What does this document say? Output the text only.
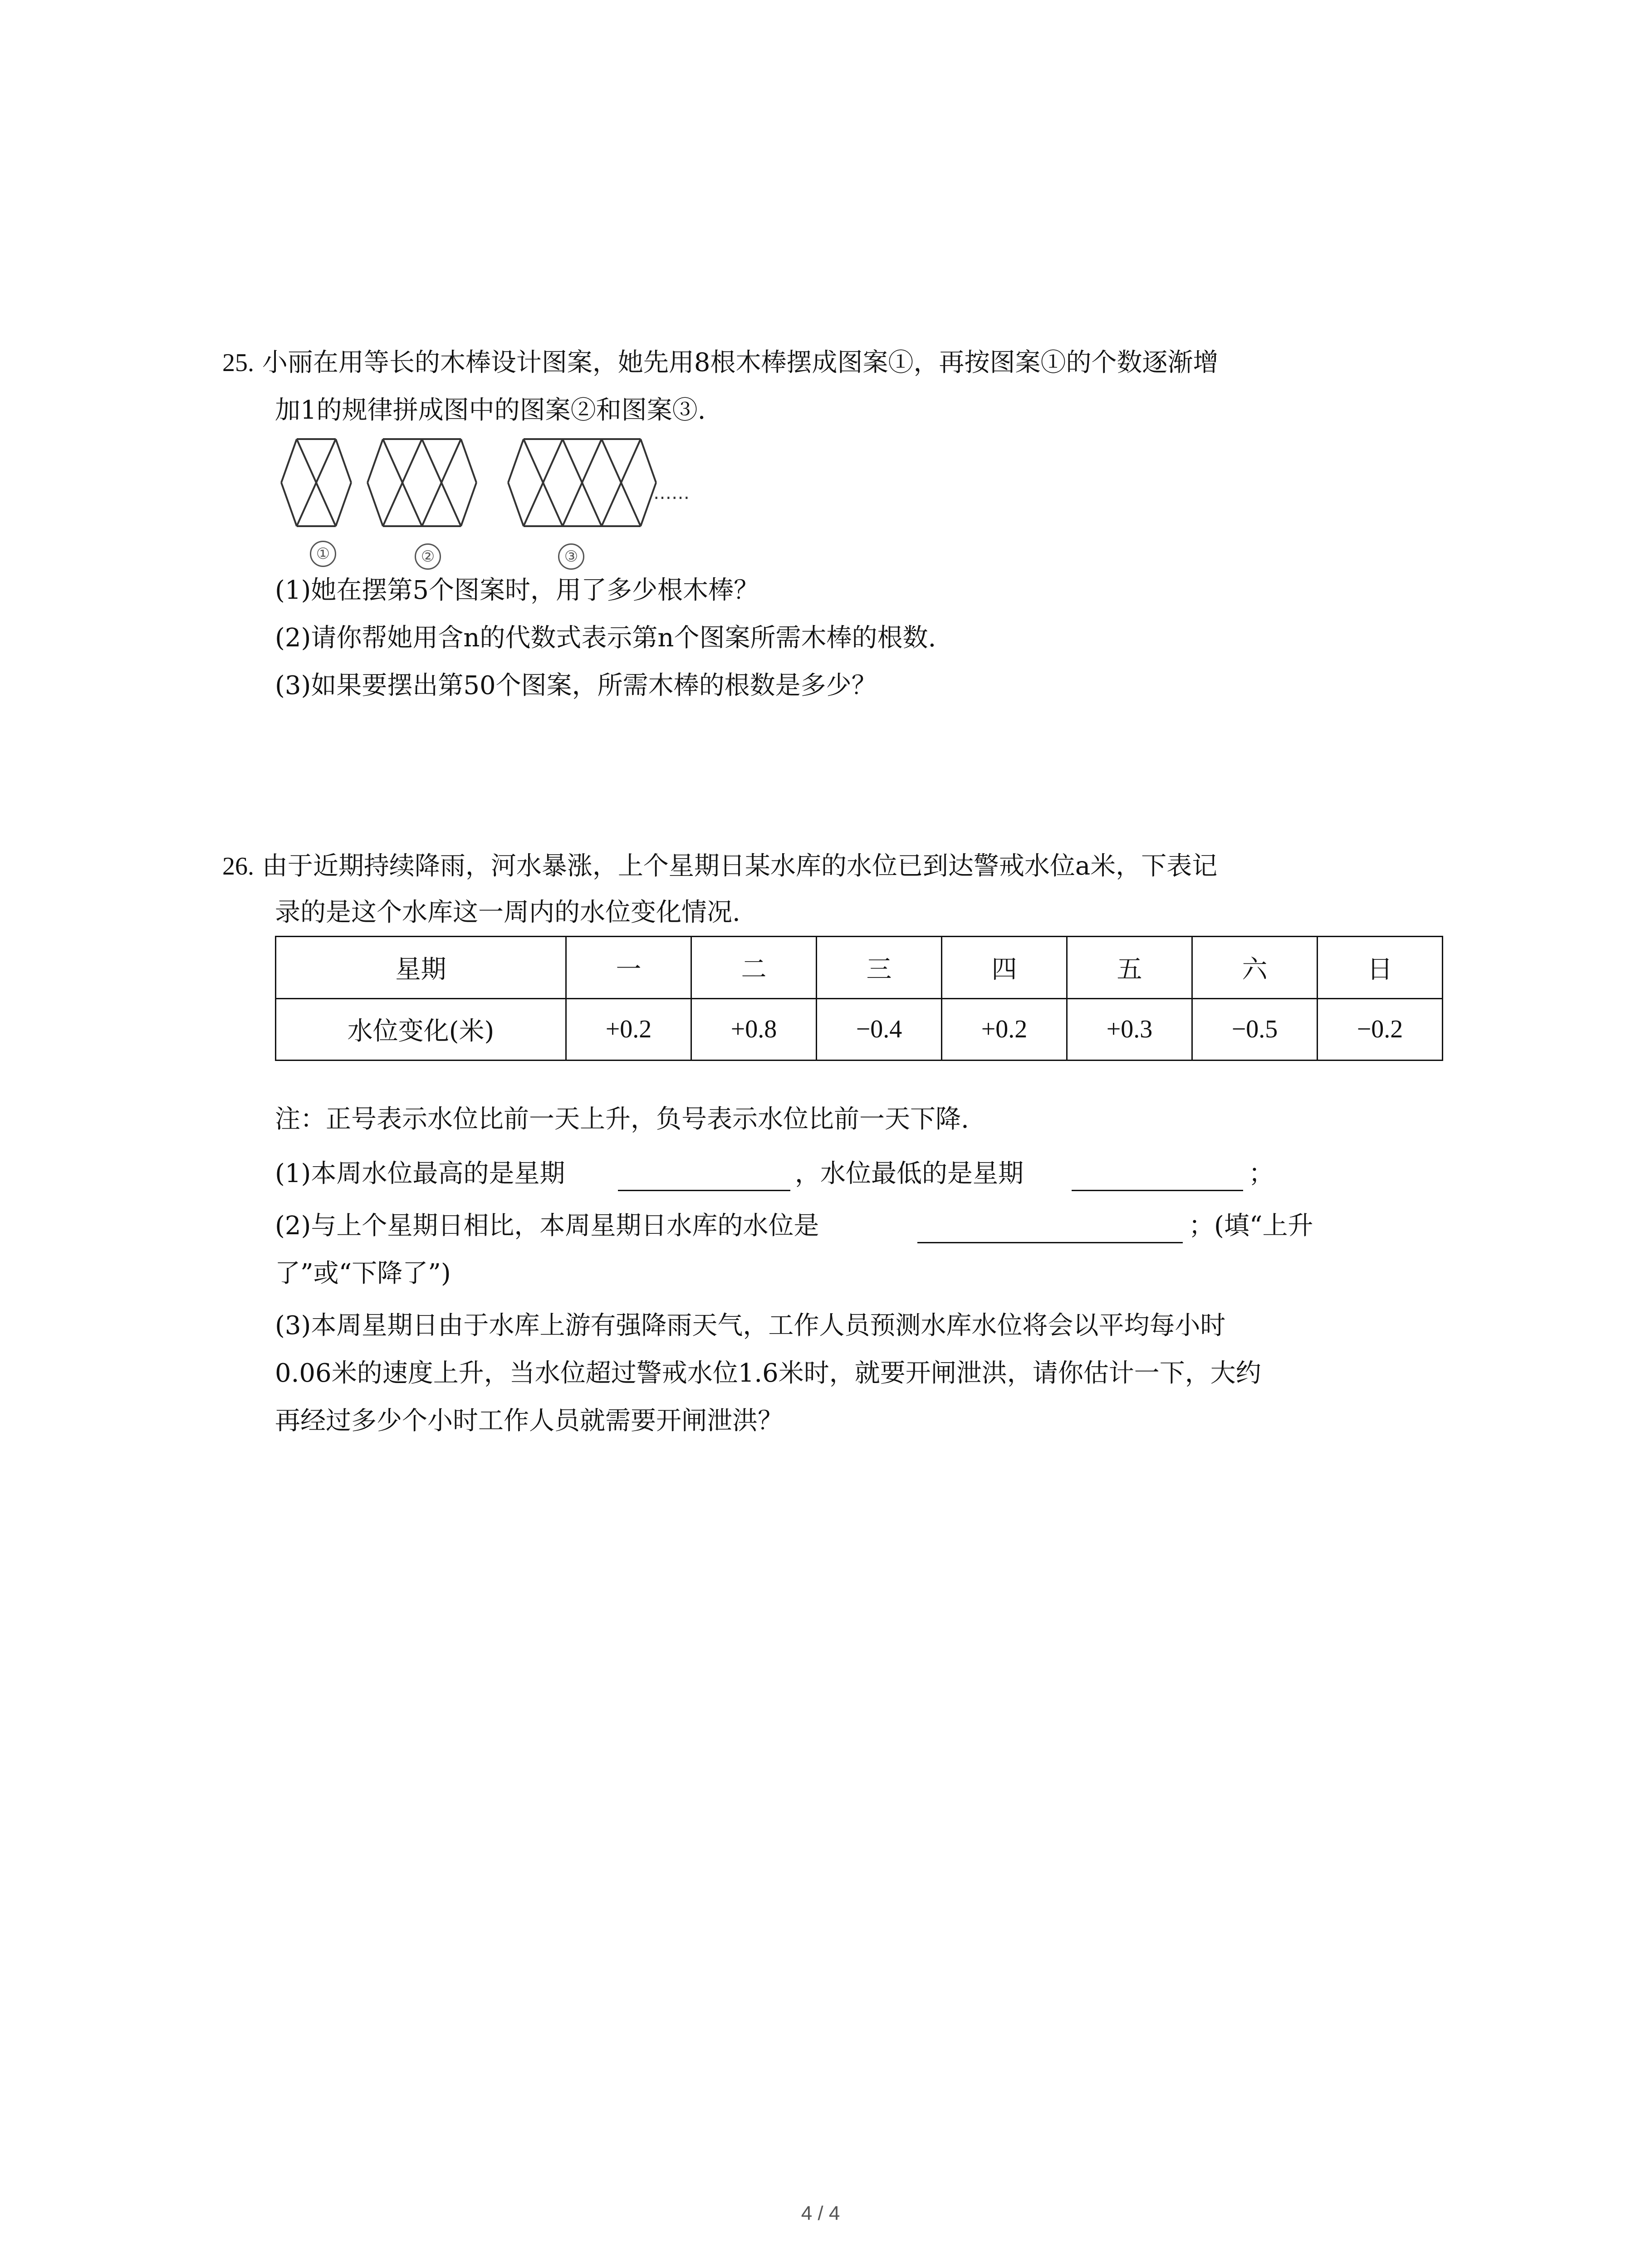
25. 小丽在用等长的木棒设计图案，她先用8根木棒摆成图案①，再按图案①的个数逐渐增
加1的规律拼成图中的图案②和图案③.
……
①	②	③
(1)她在摆第5个图案时，用了多少根木棒？
(2)请你帮她用含n的代数式表示第n个图案所需木棒的根数.
(3)如果要摆出第50个图案，所需木棒的根数是多少？
26. 由于近期持续降雨，河水暴涨，上个星期日某水库的水位已到达警戒水位a米，下表记
录的是这个水库这一周内的水位变化情况.
星期	一	二	三	四	五	六	日
水位变化(米)	+0.2	+0.8	−0.4	+0.2	+0.3	−0.5	−0.2
注：正号表示水位比前一天上升，负号表示水位比前一天下降.
(1)本周水位最高的是星期	，水位最低的是星期	；
(2)与上个星期日相比，本周星期日水库的水位是	；(填“上升
了”或“下降了”)
(3)本周星期日由于水库上游有强降雨天气，工作人员预测水库水位将会以平均每小时
0.06米的速度上升，当水位超过警戒水位1.6米时，就要开闸泄洪，请你估计一下，大约
再经过多少个小时工作人员就需要开闸泄洪？
4 / 4
